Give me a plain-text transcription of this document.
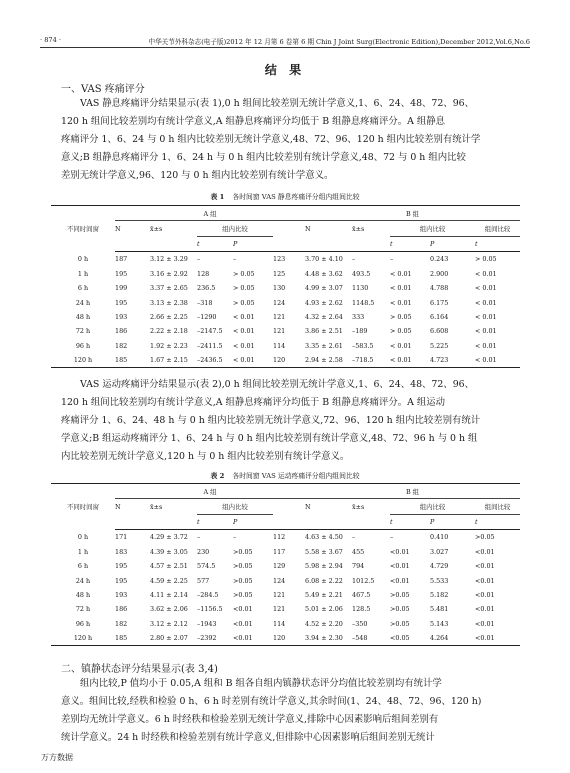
· 874 ·	中华关节外科杂志(电子版)2012 年 12 月第 6 卷第 6 期 Chin J Joint Surg(Electronic Edition),December 2012,Vol.6,No.6
结 果
一、VAS 疼痛评分
VAS 静息疼痛评分结果显示(表 1),0 h 组间比较差别无统计学意义,1、6、24、48、72、96、
120 h 组间比较差别均有统计学意义,A 组静息疼痛评分均低于 B 组静息疼痛评分。A 组静息
疼痛评分 1、6、24 与 0 h 组内比较差别无统计学意义,48、72、96、120 h 组内比较差别有统计学
意义;B 组静息疼痛评分 1、6、24 h 与 0 h 组内比较差别有统计学意义,48、72 与 0 h 组内比较
差别无统计学意义,96、120 与 0 h 组内比较差别有统计学意义。
表 1 各时间窗 VAS 静息疼痛评分组内组间比较
不同时间窗	A 组					B 组					
	N	x̄±s	组内比较			N	x̄±s	组内比较		组间比较	
			t	P				t	P	t	
0 h	187	3.12 ± 3.29	–	–	123	3.70 ± 4.10	–	–	0.243	> 0.05	
1 h	195	3.16 ± 2.92	128	> 0.05	125	4.48 ± 3.62	493.5	< 0.01	2.900	< 0.01	
6 h	199	3.37 ± 2.65	236.5	> 0.05	130	4.99 ± 3.07	1130	< 0.01	4.788	< 0.01	
24 h	195	3.13 ± 2.38	–318	> 0.05	124	4.93 ± 2.62	1148.5	< 0.01	6.175	< 0.01	
48 h	193	2.66 ± 2.25	–1290	< 0.01	121	4.32 ± 2.64	333	> 0.05	6.164	< 0.01	
72 h	186	2.22 ± 2.18	–2147.5	< 0.01	121	3.86 ± 2.51	–189	> 0.05	6.608	< 0.01	
96 h	182	1.92 ± 2.23	–2411.5	< 0.01	114	3.35 ± 2.61	–583.5	< 0.01	5.225	< 0.01	
120 h	185	1.67 ± 2.15	–2436.5	< 0.01	120	2.94 ± 2.58	–718.5	< 0.01	4.723	< 0.01	
VAS 运动疼痛评分结果显示(表 2),0 h 组间比较差别无统计学意义,1、6、24、48、72、96、
120 h 组间比较差别均有统计学意义,A 组静息疼痛评分均低于 B 组静息疼痛评分。A 组运动
疼痛评分 1、6、24、48 h 与 0 h 组内比较差别无统计学意义,72、96、120 h 组内比较差别有统计
学意义;B 组运动疼痛评分 1、6、24 h 与 0 h 组内比较差别有统计学意义,48、72、96 h 与 0 h 组
内比较差别无统计学意义,120 h 与 0 h 组内比较差别有统计学意义。
表 2 各时间窗 VAS 运动疼痛评分组内组间比较
不同时间窗	A 组					B 组					
	N	x̄±s	组内比较			N	x̄±s	组内比较		组间比较	
			t	P				t	P	t	
0 h	171	4.29 ± 3.72	–	–	112	4.63 ± 4.50	–	–	0.410	>0.05	
1 h	183	4.39 ± 3.05	230	>0.05	117	5.58 ± 3.67	455	<0.01	3.027	<0.01	
6 h	195	4.57 ± 2.51	574.5	>0.05	129	5.98 ± 2.94	794	<0.01	4.729	<0.01	
24 h	195	4.59 ± 2.25	577	>0.05	124	6.08 ± 2.22	1012.5	<0.01	5.533	<0.01	
48 h	193	4.11 ± 2.14	–284.5	>0.05	121	5.49 ± 2.21	467.5	>0.05	5.182	<0.01	
72 h	186	3.62 ± 2.06	–1156.5	<0.01	121	5.01 ± 2.06	128.5	>0.05	5.481	<0.01	
96 h	182	3.12 ± 2.12	–1943	<0.01	114	4.52 ± 2.20	–350	>0.05	5.143	<0.01	
120 h	185	2.80 ± 2.07	–2392	<0.01	120	3.94 ± 2.30	–548	<0.05	4.264	<0.01	
二、镇静状态评分结果显示(表 3,4)
组内比较,P 值均小于 0.05,A 组和 B 组各自组内镇静状态评分均值比较差别均有统计学
意义。组间比较,经秩和检验 0 h、6 h 时差别有统计学意义,其余时间(1、24、48、72、96、120 h)
差别均无统计学意义。6 h 时经秩和检验差别无统计学意义,排除中心因素影响后组间差别有
统计学意义。24 h 时经秩和检验差别有统计学意义,但排除中心因素影响后组间差别无统计
万方数据
